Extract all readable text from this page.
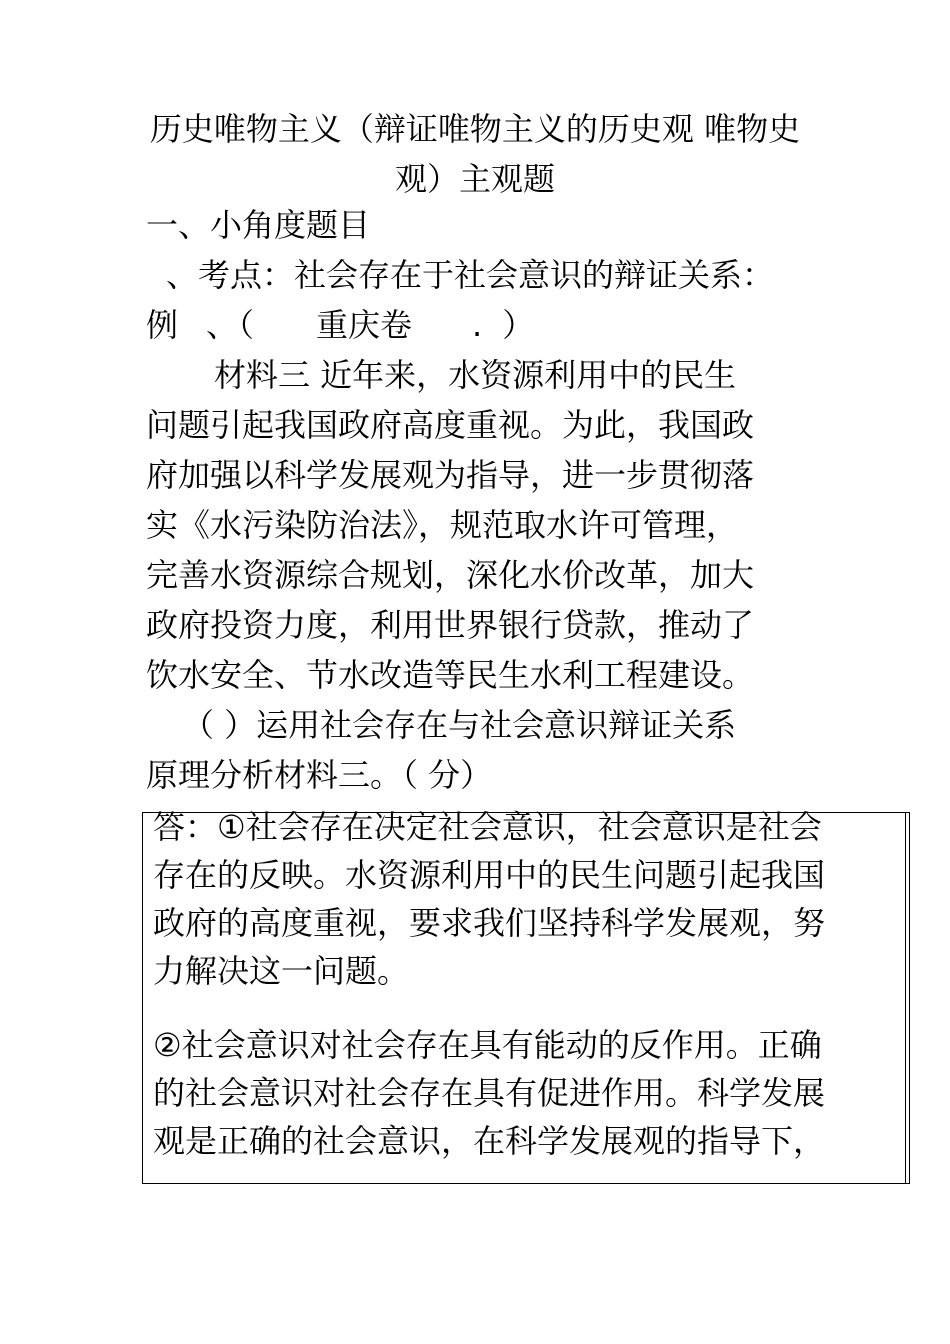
历史唯物主义（辩证唯物主义的历史观 唯物史观）主观题
一、小角度题目
、考点：社会存在于社会意识的辩证关系：
例 、（ 重庆卷 . ）
材料三 近年来，水资源利用中的民生
问题引起我国政府高度重视。为此，我国政
府加强以科学发展观为指导，进一步贯彻落
实《水污染防治法》，规范取水许可管理，
完善水资源综合规划，深化水价改革，加大
政府投资力度，利用世界银行贷款，推动了
饮水安全、节水改造等民生水利工程建设。
（ ）运用社会存在与社会意识辩证关系
原理分析材料三。（ 分）
答：①社会存在决定社会意识，社会意识是社会
存在的反映。水资源利用中的民生问题引起我国
政府的高度重视，要求我们坚持科学发展观，努
力解决这一问题。
②社会意识对社会存在具有能动的反作用。正确
的社会意识对社会存在具有促进作用。科学发展
观是正确的社会意识，在科学发展观的指导下，
